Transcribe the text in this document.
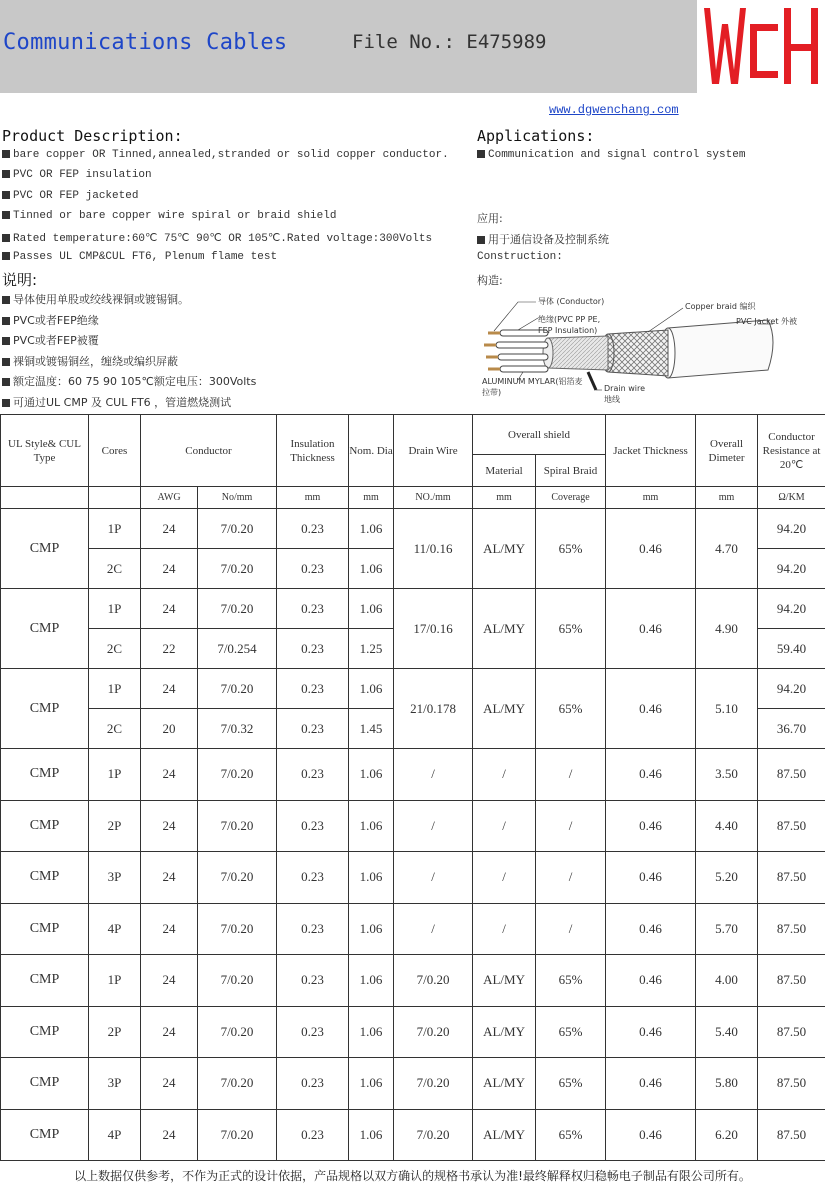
Communications Cables	File No.: E475989
www.dgwenchang.com
Product Description:
bare copper OR Tinned,annealed,stranded or solid copper conductor.
PVC OR FEP insulation
PVC OR FEP jacketed
Tinned or bare copper wire spiral or braid shield
Rated temperature:60℃ 75℃ 90℃ OR 105℃.Rated voltage:300Volts
Passes UL CMP&CUL FT6, Plenum flame test
说明:
导体使用单股或绞线裸铜或镀锡铜。
PVC或者FEP绝缘
PVC或者FEP被覆
裸铜或镀锡铜丝，缠绕或编织屏蔽
额定温度：60 75 90 105℃额定电压：300Volts
可通过UL CMP 及 CUL FT6 ，管道燃烧测试
Applications:
Communication and signal control system
应用:
用于通信设备及控制系统
Construction:
构造:
导体 (Conductor)
绝缘(PVC PP PE,
FEP Insulation)
Copper braid 编织
PVC Jacket 外被
ALUMINUM MYLAR(铝箔麦
拉带)	Drain wire
地线
UL Style& CUL Type	Cores	Conductor		Insulation Thickness	Nom. Dia	Drain Wire	Overall shield		Jacket Thickness	Overall Dimeter	Conductor Resistance at 20℃
							Material	Spiral Braid			
		AWG	No/mm	mm	mm	NO./mm	mm	Coverage	mm	mm	Ω/KM
CMP	1P	24	7/0.20	0.23	1.06	11/0.16	AL/MY	65%	0.46	4.70	94.20
	2C	24	7/0.20	0.23	1.06						94.20
CMP	1P	24	7/0.20	0.23	1.06	17/0.16	AL/MY	65%	0.46	4.90	94.20
	2C	22	7/0.254	0.23	1.25						59.40
CMP	1P	24	7/0.20	0.23	1.06	21/0.178	AL/MY	65%	0.46	5.10	94.20
	2C	20	7/0.32	0.23	1.45						36.70
CMP	1P	24	7/0.20	0.23	1.06	/	/	/	0.46	3.50	87.50
CMP	2P	24	7/0.20	0.23	1.06	/	/	/	0.46	4.40	87.50
CMP	3P	24	7/0.20	0.23	1.06	/	/	/	0.46	5.20	87.50
CMP	4P	24	7/0.20	0.23	1.06	/	/	/	0.46	5.70	87.50
CMP	1P	24	7/0.20	0.23	1.06	7/0.20	AL/MY	65%	0.46	4.00	87.50
CMP	2P	24	7/0.20	0.23	1.06	7/0.20	AL/MY	65%	0.46	5.40	87.50
CMP	3P	24	7/0.20	0.23	1.06	7/0.20	AL/MY	65%	0.46	5.80	87.50
CMP	4P	24	7/0.20	0.23	1.06	7/0.20	AL/MY	65%	0.46	6.20	87.50
以上数据仅供参考，不作为正式的设计依据，产品规格以双方确认的规格书承认为准!最终解释权归稳畅电子制品有限公司所有。
